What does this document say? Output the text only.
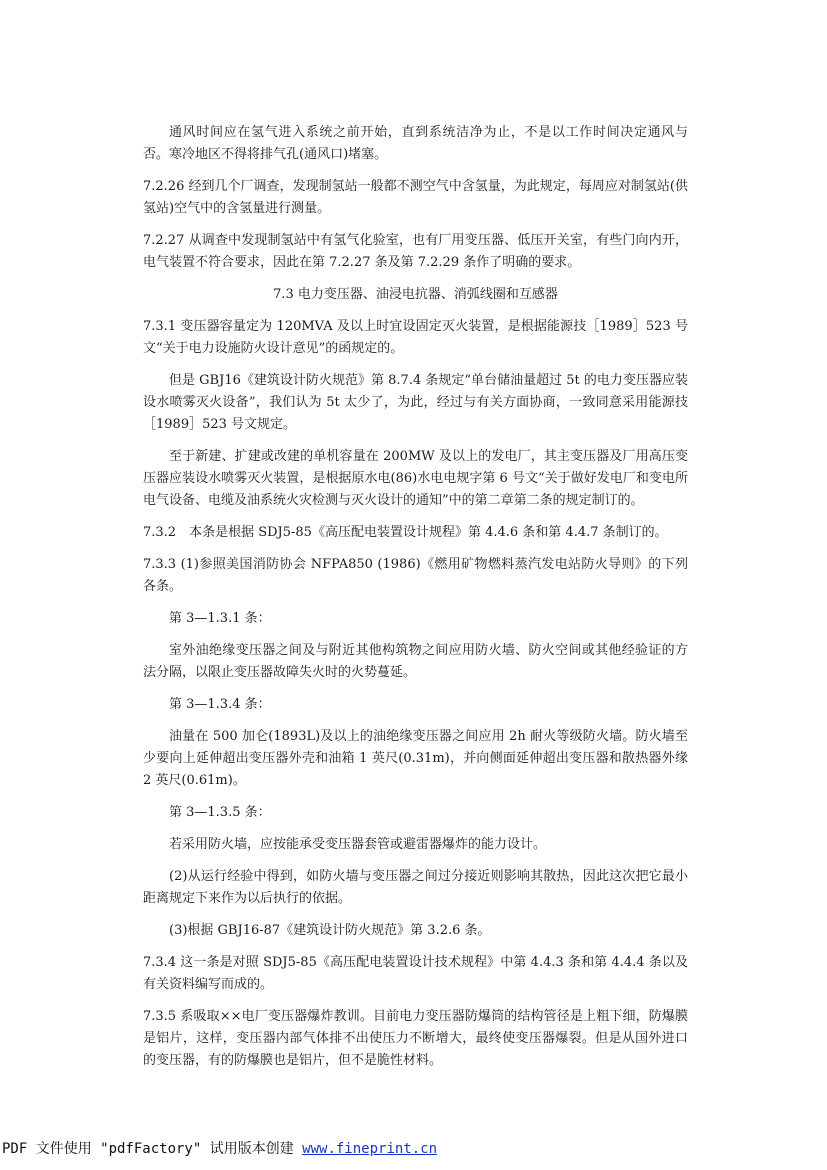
通风时间应在氢气进入系统之前开始，直到系统洁净为止，不是以工作时间决定通风与否。寒冷地区不得将排气孔(通风口)堵塞。

7.2.26 经到几个厂调查，发现制氢站一般都不测空气中含氢量，为此规定，每周应对制氢站(供氢站)空气中的含氢量进行测量。

7.2.27 从调查中发现制氢站中有氢气化验室，也有厂用变压器、低压开关室，有些门向内开，电气装置不符合要求，因此在第 7.2.27 条及第 7.2.29 条作了明确的要求。

7.3 电力变压器、油浸电抗器、消弧线圈和互感器

7.3.1 变压器容量定为 120MVA 及以上时宜设固定灭火装置，是根据能源技［1989］523 号文“关于电力设施防火设计意见”的函规定的。

但是 GBJ16《建筑设计防火规范》第 8.7.4 条规定“单台储油量超过 5t 的电力变压器应装设水喷雾灭火设备”，我们认为 5t 太少了，为此，经过与有关方面协商，一致同意采用能源技［1989］523 号文规定。

至于新建、扩建或改建的单机容量在 200MW 及以上的发电厂，其主变压器及厂用高压变压器应装设水喷雾灭火装置，是根据原水电(86)水电电规字第 6 号文“关于做好发电厂和变电所电气设备、电缆及油系统火灾检测与灭火设计的通知”中的第二章第二条的规定制订的。

7.3.2　本条是根据 SDJ5-85《高压配电装置设计规程》第 4.4.6 条和第 4.4.7 条制订的。

7.3.3 (1)参照美国消防协会 NFPA850 (1986)《燃用矿物燃料蒸汽发电站防火导则》的下列各条。

第 3—1.3.1 条：

室外油绝缘变压器之间及与附近其他构筑物之间应用防火墙、防火空间或其他经验证的方法分隔，以限止变压器故障失火时的火势蔓延。

第 3—1.3.4 条：

油量在 500 加仑(1893L)及以上的油绝缘变压器之间应用 2h 耐火等级防火墙。防火墙至少要向上延伸超出变压器外壳和油箱 1 英尺(0.31m)，并向侧面延伸超出变压器和散热器外缘 2 英尺(0.61m)。

第 3—1.3.5 条：

若采用防火墙，应按能承受变压器套管或避雷器爆炸的能力设计。

(2)从运行经验中得到，如防火墙与变压器之间过分接近则影响其散热，因此这次把它最小距离规定下来作为以后执行的依据。

(3)根据 GBJ16-87《建筑设计防火规范》第 3.2.6 条。

7.3.4 这一条是对照 SDJ5-85《高压配电装置设计技术规程》中第 4.4.3 条和第 4.4.4 条以及有关资料编写而成的。

7.3.5 系吸取××电厂变压器爆炸教训。目前电力变压器防爆筒的结构管径是上粗下细，防爆膜是铝片，这样，变压器内部气体排不出使压力不断增大，最终使变压器爆裂。但是从国外进口的变压器，有的防爆膜也是铝片，但不是脆性材料。

PDF 文件使用 "pdfFactory" 试用版本创建 www.fineprint.cn
